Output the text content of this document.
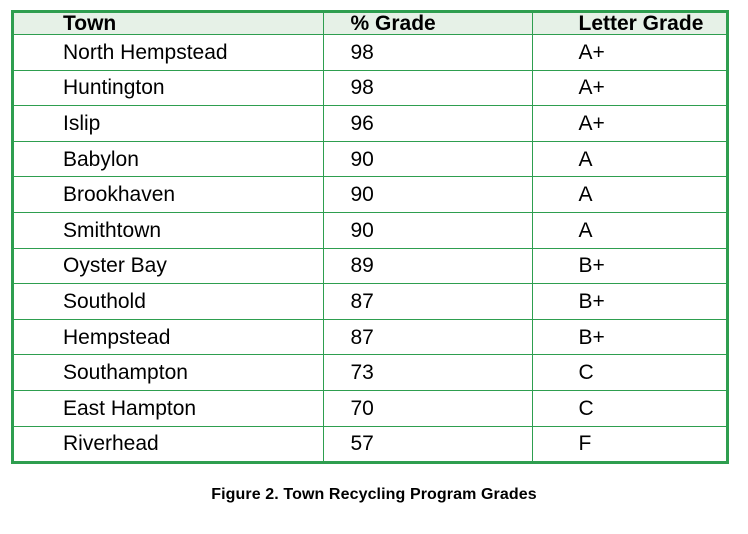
Town	% Grade	Letter Grade
North Hempstead	98	A+
Huntington	98	A+
Islip	96	A+
Babylon	90	A
Brookhaven	90	A
Smithtown	90	A
Oyster Bay	89	B+
Southold	87	B+
Hempstead	87	B+
Southampton	73	C
East Hampton	70	C
Riverhead	57	F
Figure 2. Town Recycling Program Grades
